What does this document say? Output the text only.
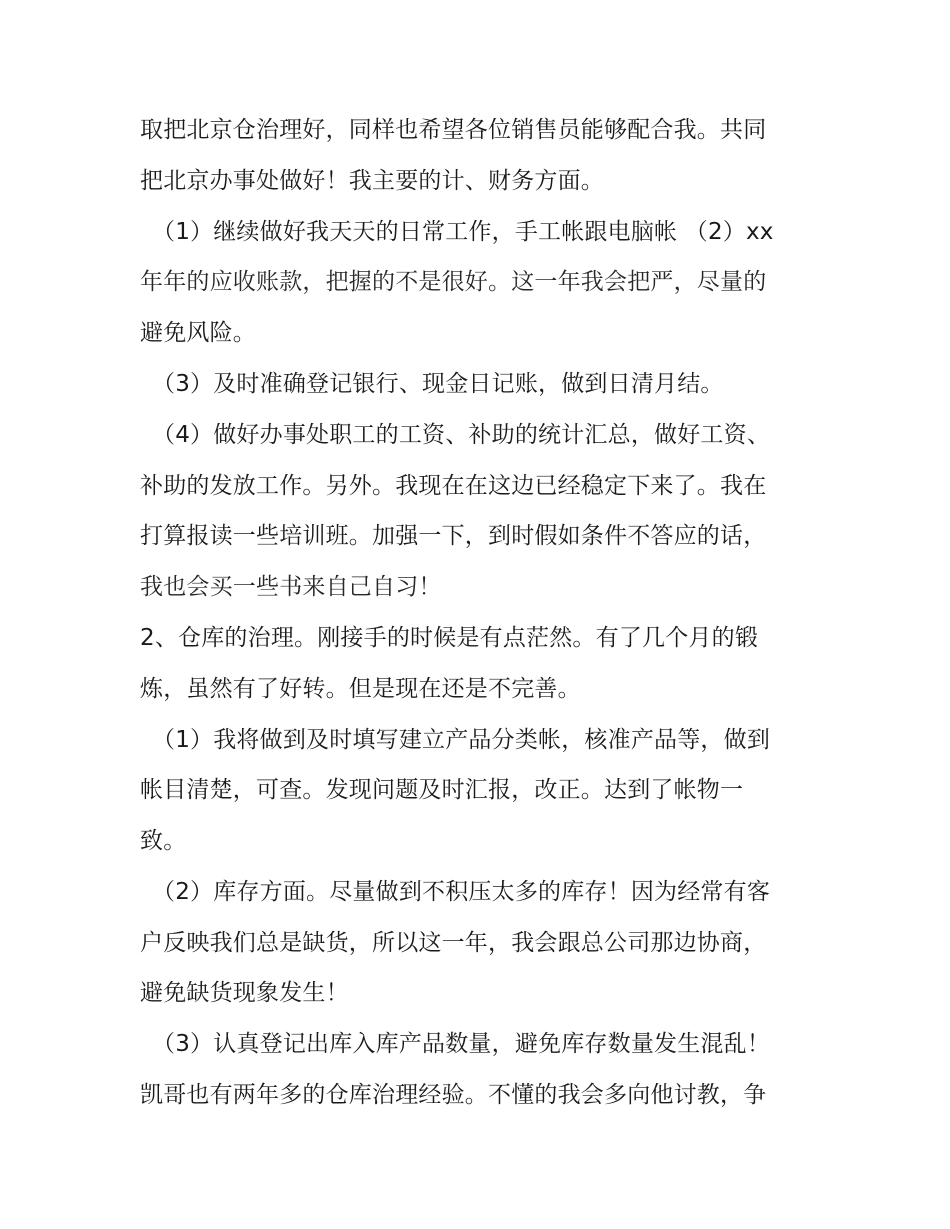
取把北京仓治理好，同样也希望各位销售员能够配合我。共同
把北京办事处做好！我主要的计、财务方面。
（1）继续做好我天天的日常工作，手工帐跟电脑帐 （2）xx
年年的应收账款，把握的不是很好。这一年我会把严，尽量的
避免风险。
（3）及时准确登记银行、现金日记账，做到日清月结。
（4）做好办事处职工的工资、补助的统计汇总，做好工资、
补助的发放工作。另外。我现在在这边已经稳定下来了。我在
打算报读一些培训班。加强一下，到时假如条件不答应的话，
我也会买一些书来自己自习！
2、仓库的治理。刚接手的时候是有点茫然。有了几个月的锻
炼，虽然有了好转。但是现在还是不完善。
（1）我将做到及时填写建立产品分类帐，核准产品等，做到
帐目清楚，可查。发现问题及时汇报，改正。达到了帐物一
致。
（2）库存方面。尽量做到不积压太多的库存！因为经常有客
户反映我们总是缺货，所以这一年，我会跟总公司那边协商，
避免缺货现象发生！
（3）认真登记出库入库产品数量，避免库存数量发生混乱！
凯哥也有两年多的仓库治理经验。不懂的我会多向他讨教，争
